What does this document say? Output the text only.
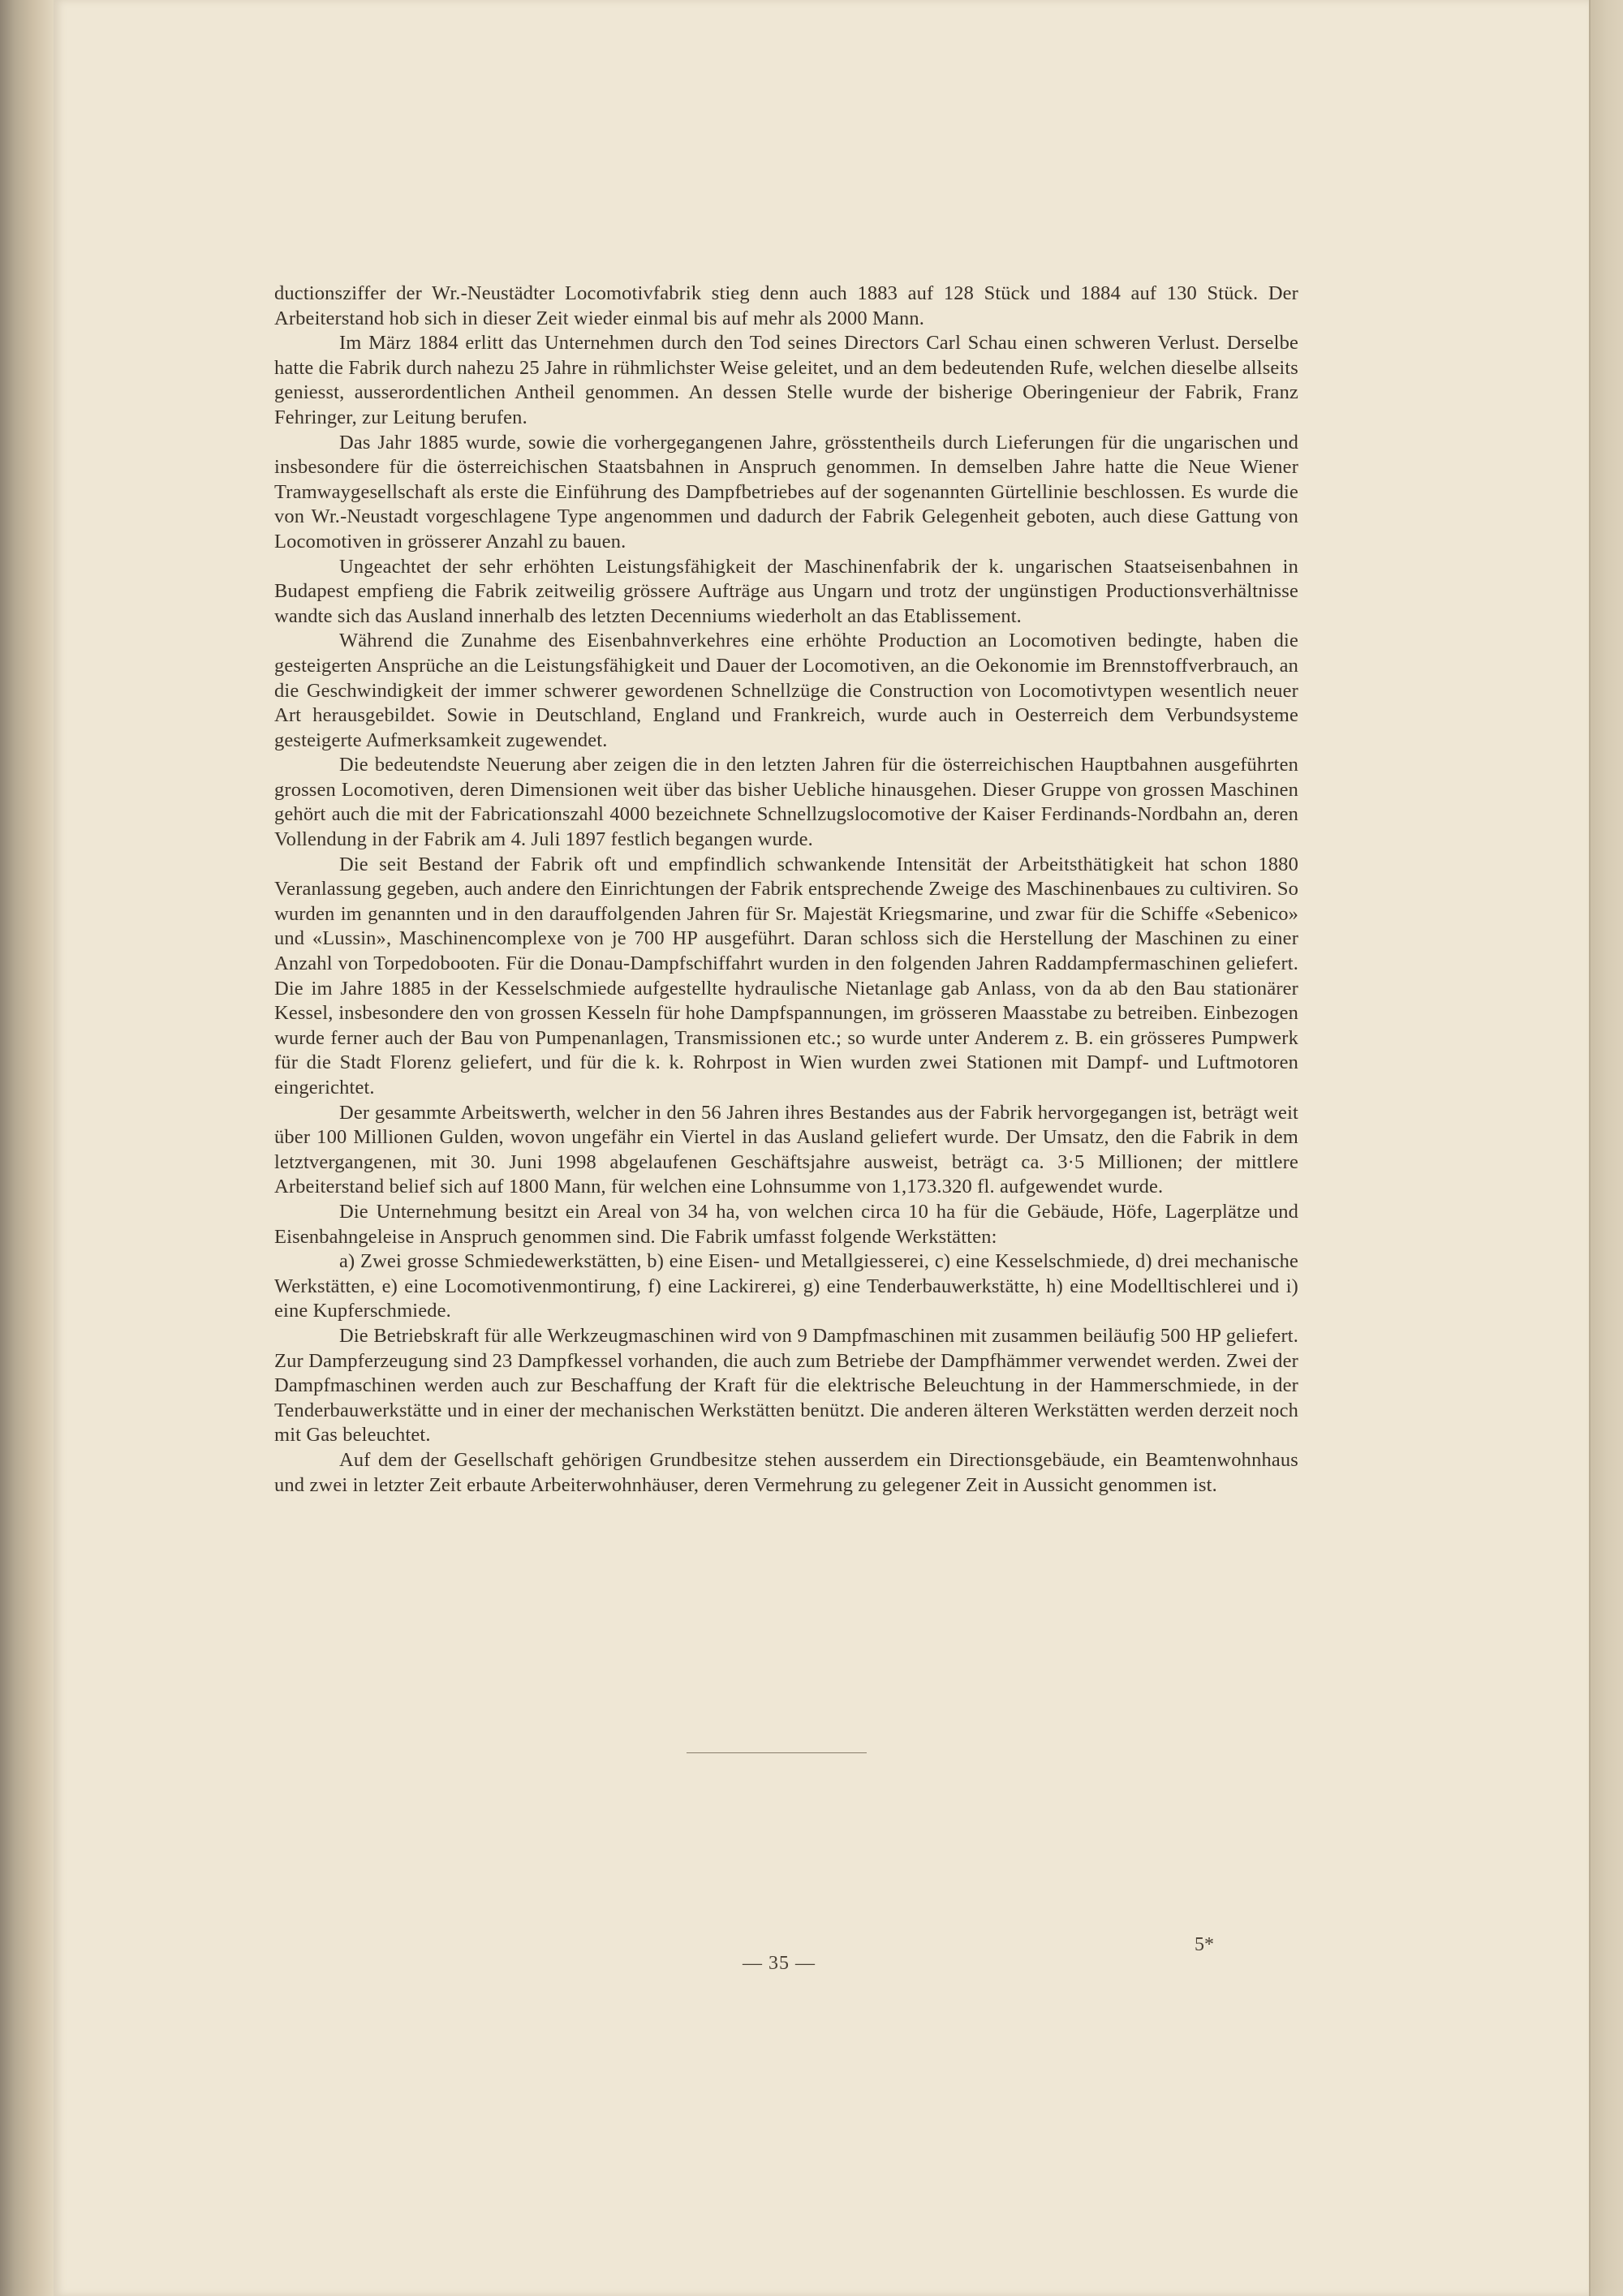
ductionsziffer der Wr.-Neustädter Locomotivfabrik stieg denn auch 1883 auf 128 Stück und 1884 auf 130 Stück. Der Arbeiterstand hob sich in dieser Zeit wieder einmal bis auf mehr als 2000 Mann.

Im März 1884 erlitt das Unternehmen durch den Tod seines Directors Carl Schau einen schweren Verlust. Derselbe hatte die Fabrik durch nahezu 25 Jahre in rühmlichster Weise geleitet, und an dem bedeutenden Rufe, welchen dieselbe allseits geniesst, ausserordentlichen Antheil genommen. An dessen Stelle wurde der bisherige Oberingenieur der Fabrik, Franz Fehringer, zur Leitung berufen.

Das Jahr 1885 wurde, sowie die vorhergegangenen Jahre, grösstentheils durch Lieferungen für die ungarischen und insbesondere für die österreichischen Staatsbahnen in Anspruch genommen. In demselben Jahre hatte die Neue Wiener Tramwaygesellschaft als erste die Einführung des Dampfbetriebes auf der sogenannten Gürtellinie beschlossen. Es wurde die von Wr.-Neustadt vorgeschlagene Type angenommen und dadurch der Fabrik Gelegenheit geboten, auch diese Gattung von Locomotiven in grösserer Anzahl zu bauen.

Ungeachtet der sehr erhöhten Leistungsfähigkeit der Maschinenfabrik der k. ungarischen Staatseisenbahnen in Budapest empfieng die Fabrik zeitweilig grössere Aufträge aus Ungarn und trotz der ungünstigen Productionsverhältnisse wandte sich das Ausland innerhalb des letzten Decenniums wiederholt an das Etablissement.

Während die Zunahme des Eisenbahnverkehres eine erhöhte Production an Locomotiven bedingte, haben die gesteigerten Ansprüche an die Leistungsfähigkeit und Dauer der Locomotiven, an die Oekonomie im Brennstoffverbrauch, an die Geschwindigkeit der immer schwerer gewordenen Schnellzüge die Construction von Locomotivtypen wesentlich neuer Art herausgebildet. Sowie in Deutschland, England und Frankreich, wurde auch in Oesterreich dem Verbundsysteme gesteigerte Aufmerksamkeit zugewendet.

Die bedeutendste Neuerung aber zeigen die in den letzten Jahren für die österreichischen Hauptbahnen ausgeführten grossen Locomotiven, deren Dimensionen weit über das bisher Uebliche hinausgehen. Dieser Gruppe von grossen Maschinen gehört auch die mit der Fabricationszahl 4000 bezeichnete Schnellzugslocomotive der Kaiser Ferdinands-Nordbahn an, deren Vollendung in der Fabrik am 4. Juli 1897 festlich begangen wurde.

Die seit Bestand der Fabrik oft und empfindlich schwankende Intensität der Arbeitsthätigkeit hat schon 1880 Veranlassung gegeben, auch andere den Einrichtungen der Fabrik entsprechende Zweige des Maschinenbaues zu cultiviren. So wurden im genannten und in den darauffolgenden Jahren für Sr. Majestät Kriegsmarine, und zwar für die Schiffe «Sebenico» und «Lussin», Maschinencomplexe von je 700 HP ausgeführt. Daran schloss sich die Herstellung der Maschinen zu einer Anzahl von Torpedobooten. Für die Donau-Dampfschiffahrt wurden in den folgenden Jahren Raddampfermaschinen geliefert. Die im Jahre 1885 in der Kesselschmiede aufgestellte hydraulische Nietanlage gab Anlass, von da ab den Bau stationärer Kessel, insbesondere den von grossen Kesseln für hohe Dampfspannungen, im grösseren Maasstabe zu betreiben. Einbezogen wurde ferner auch der Bau von Pumpenanlagen, Transmissionen etc.; so wurde unter Anderem z. B. ein grösseres Pumpwerk für die Stadt Florenz geliefert, und für die k. k. Rohrpost in Wien wurden zwei Stationen mit Dampf- und Luftmotoren eingerichtet.

Der gesammte Arbeitswerth, welcher in den 56 Jahren ihres Bestandes aus der Fabrik hervorgegangen ist, beträgt weit über 100 Millionen Gulden, wovon ungefähr ein Viertel in das Ausland geliefert wurde. Der Umsatz, den die Fabrik in dem letztvergangenen, mit 30. Juni 1998 abgelaufenen Geschäftsjahre ausweist, beträgt ca. 3·5 Millionen; der mittlere Arbeiterstand belief sich auf 1800 Mann, für welchen eine Lohnsumme von 1,173.320 fl. aufgewendet wurde.

Die Unternehmung besitzt ein Areal von 34 ha, von welchen circa 10 ha für die Gebäude, Höfe, Lagerplätze und Eisenbahngeleise in Anspruch genommen sind. Die Fabrik umfasst folgende Werkstätten:

a) Zwei grosse Schmiedewerkstätten, b) eine Eisen- und Metallgiesserei, c) eine Kesselschmiede, d) drei mechanische Werkstätten, e) eine Locomotivenmontirung, f) eine Lackirerei, g) eine Tenderbauwerkstätte, h) eine Modelltischlerei und i) eine Kupferschmiede.

Die Betriebskraft für alle Werkzeugmaschinen wird von 9 Dampfmaschinen mit zusammen beiläufig 500 HP geliefert. Zur Dampferzeugung sind 23 Dampfkessel vorhanden, die auch zum Betriebe der Dampfhämmer verwendet werden. Zwei der Dampfmaschinen werden auch zur Beschaffung der Kraft für die elektrische Beleuchtung in der Hammerschmiede, in der Tenderbauwerkstätte und in einer der mechanischen Werkstätten benützt. Die anderen älteren Werkstätten werden derzeit noch mit Gas beleuchtet.

Auf dem der Gesellschaft gehörigen Grundbesitze stehen ausserdem ein Directionsgebäude, ein Beamtenwohnhaus und zwei in letzter Zeit erbaute Arbeiterwohnhäuser, deren Vermehrung zu gelegener Zeit in Aussicht genommen ist.

— 35 —
5*
